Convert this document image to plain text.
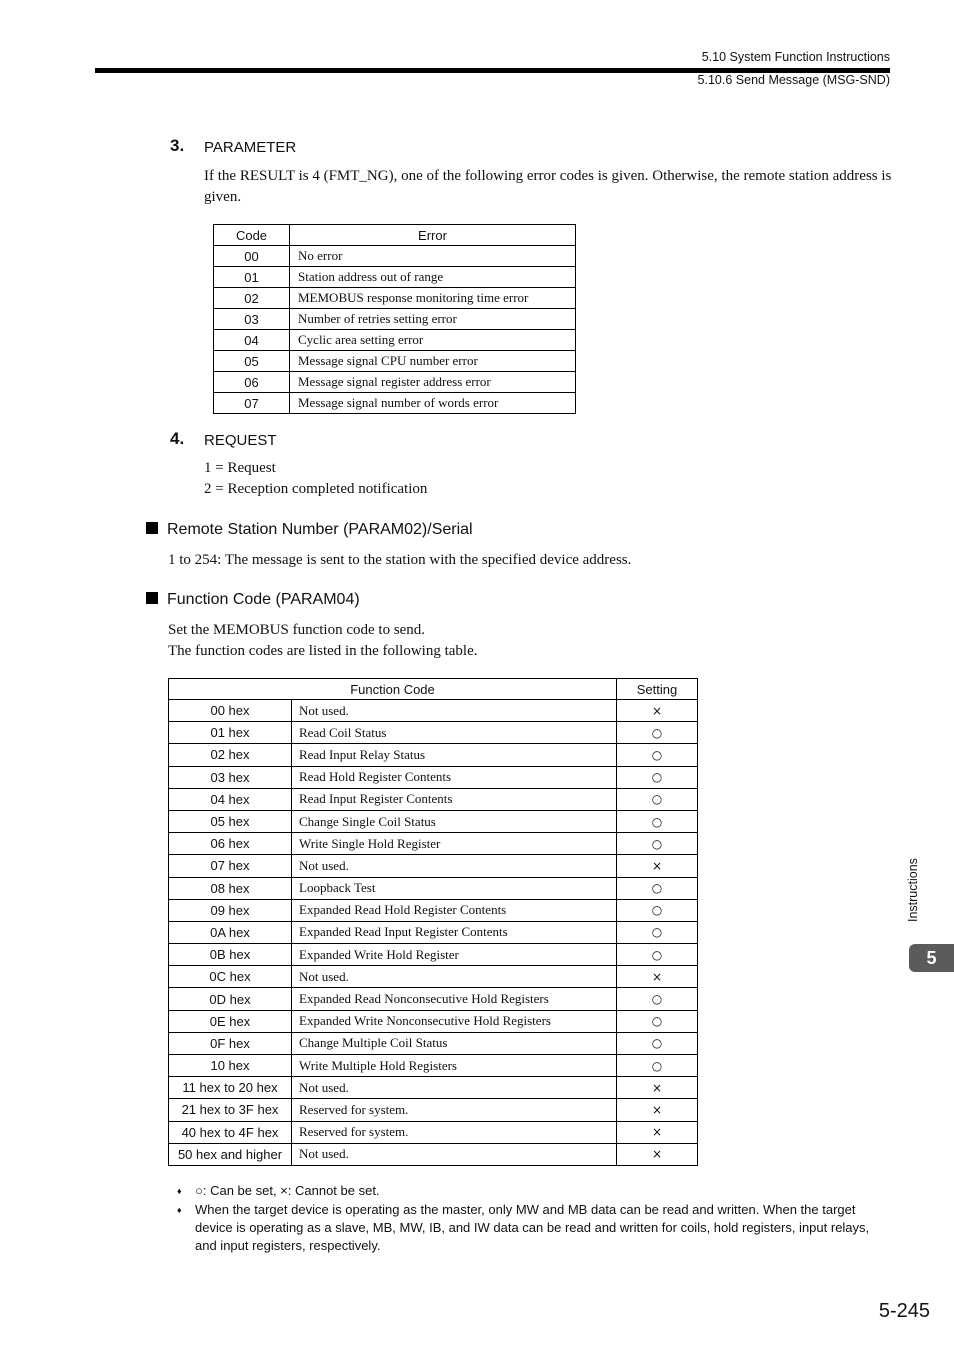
5.10 System Function Instructions
5.10.6 Send Message (MSG-SND)
3. PARAMETER
If the RESULT is 4 (FMT_NG), one of the following error codes is given. Otherwise, the remote station address is given.
Code	Error
00	No error
01	Station address out of range
02	MEMOBUS response monitoring time error
03	Number of retries setting error
04	Cyclic area setting error
05	Message signal CPU number error
06	Message signal register address error
07	Message signal number of words error
4. REQUEST
1 = Request
2 = Reception completed notification
Remote Station Number (PARAM02)/Serial
1 to 254: The message is sent to the station with the specified device address.
Function Code (PARAM04)
Set the MEMOBUS function code to send.
The function codes are listed in the following table.
Function Code		Setting
00 hex	Not used.	×
01 hex	Read Coil Status	○
02 hex	Read Input Relay Status	○
03 hex	Read Hold Register Contents	○
04 hex	Read Input Register Contents	○
05 hex	Change Single Coil Status	○
06 hex	Write Single Hold Register	○
07 hex	Not used.	×
08 hex	Loopback Test	○
09 hex	Expanded Read Hold Register Contents	○
0A hex	Expanded Read Input Register Contents	○
0B hex	Expanded Write Hold Register	○
0C hex	Not used.	×
0D hex	Expanded Read Nonconsecutive Hold Registers	○
0E hex	Expanded Write Nonconsecutive Hold Registers	○
0F hex	Change Multiple Coil Status	○
10 hex	Write Multiple Hold Registers	○
11 hex to 20 hex	Not used.	×
21 hex to 3F hex	Reserved for system.	×
40 hex to 4F hex	Reserved for system.	×
50 hex and higher	Not used.	×
♦ ○: Can be set, ×: Cannot be set.
♦ When the target device is operating as the master, only MW and MB data can be read and written. When the target device is operating as a slave, MB, MW, IB, and IW data can be read and written for coils, hold registers, input relays, and input registers, respectively.
Instructions
5
5-245
